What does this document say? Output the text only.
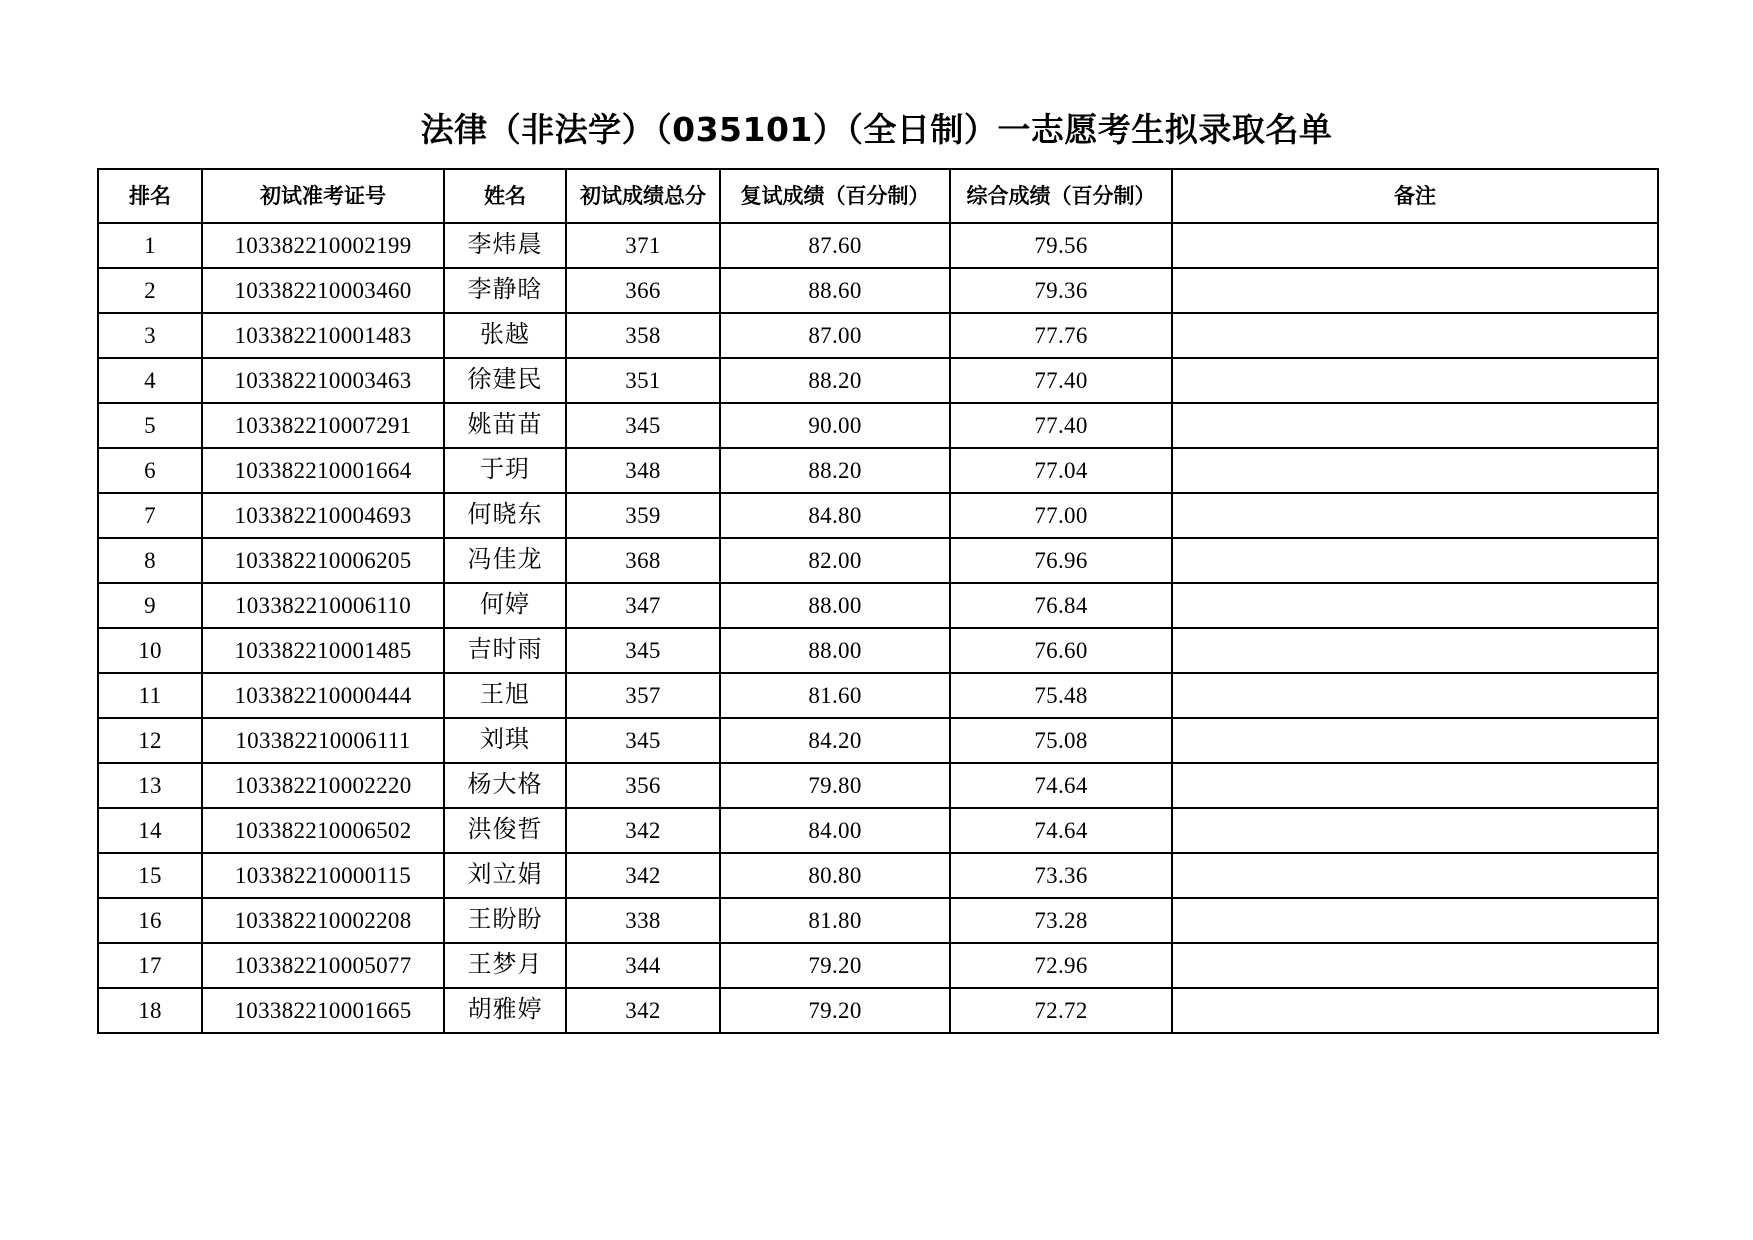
法律（非法学）（035101）（全日制）一志愿考生拟录取名单
排名	初试准考证号	姓名	初试成绩总分	复试成绩（百分制）	综合成绩（百分制）	备注
1	103382210002199	李炜晨	371	87.60	79.56	
2	103382210003460	李静晗	366	88.60	79.36	
3	103382210001483	张越	358	87.00	77.76	
4	103382210003463	徐建民	351	88.20	77.40	
5	103382210007291	姚苗苗	345	90.00	77.40	
6	103382210001664	于玥	348	88.20	77.04	
7	103382210004693	何晓东	359	84.80	77.00	
8	103382210006205	冯佳龙	368	82.00	76.96	
9	103382210006110	何婷	347	88.00	76.84	
10	103382210001485	吉时雨	345	88.00	76.60	
11	103382210000444	王旭	357	81.60	75.48	
12	103382210006111	刘琪	345	84.20	75.08	
13	103382210002220	杨大格	356	79.80	74.64	
14	103382210006502	洪俊哲	342	84.00	74.64	
15	103382210000115	刘立娟	342	80.80	73.36	
16	103382210002208	王盼盼	338	81.80	73.28	
17	103382210005077	王梦月	344	79.20	72.96	
18	103382210001665	胡雅婷	342	79.20	72.72	
